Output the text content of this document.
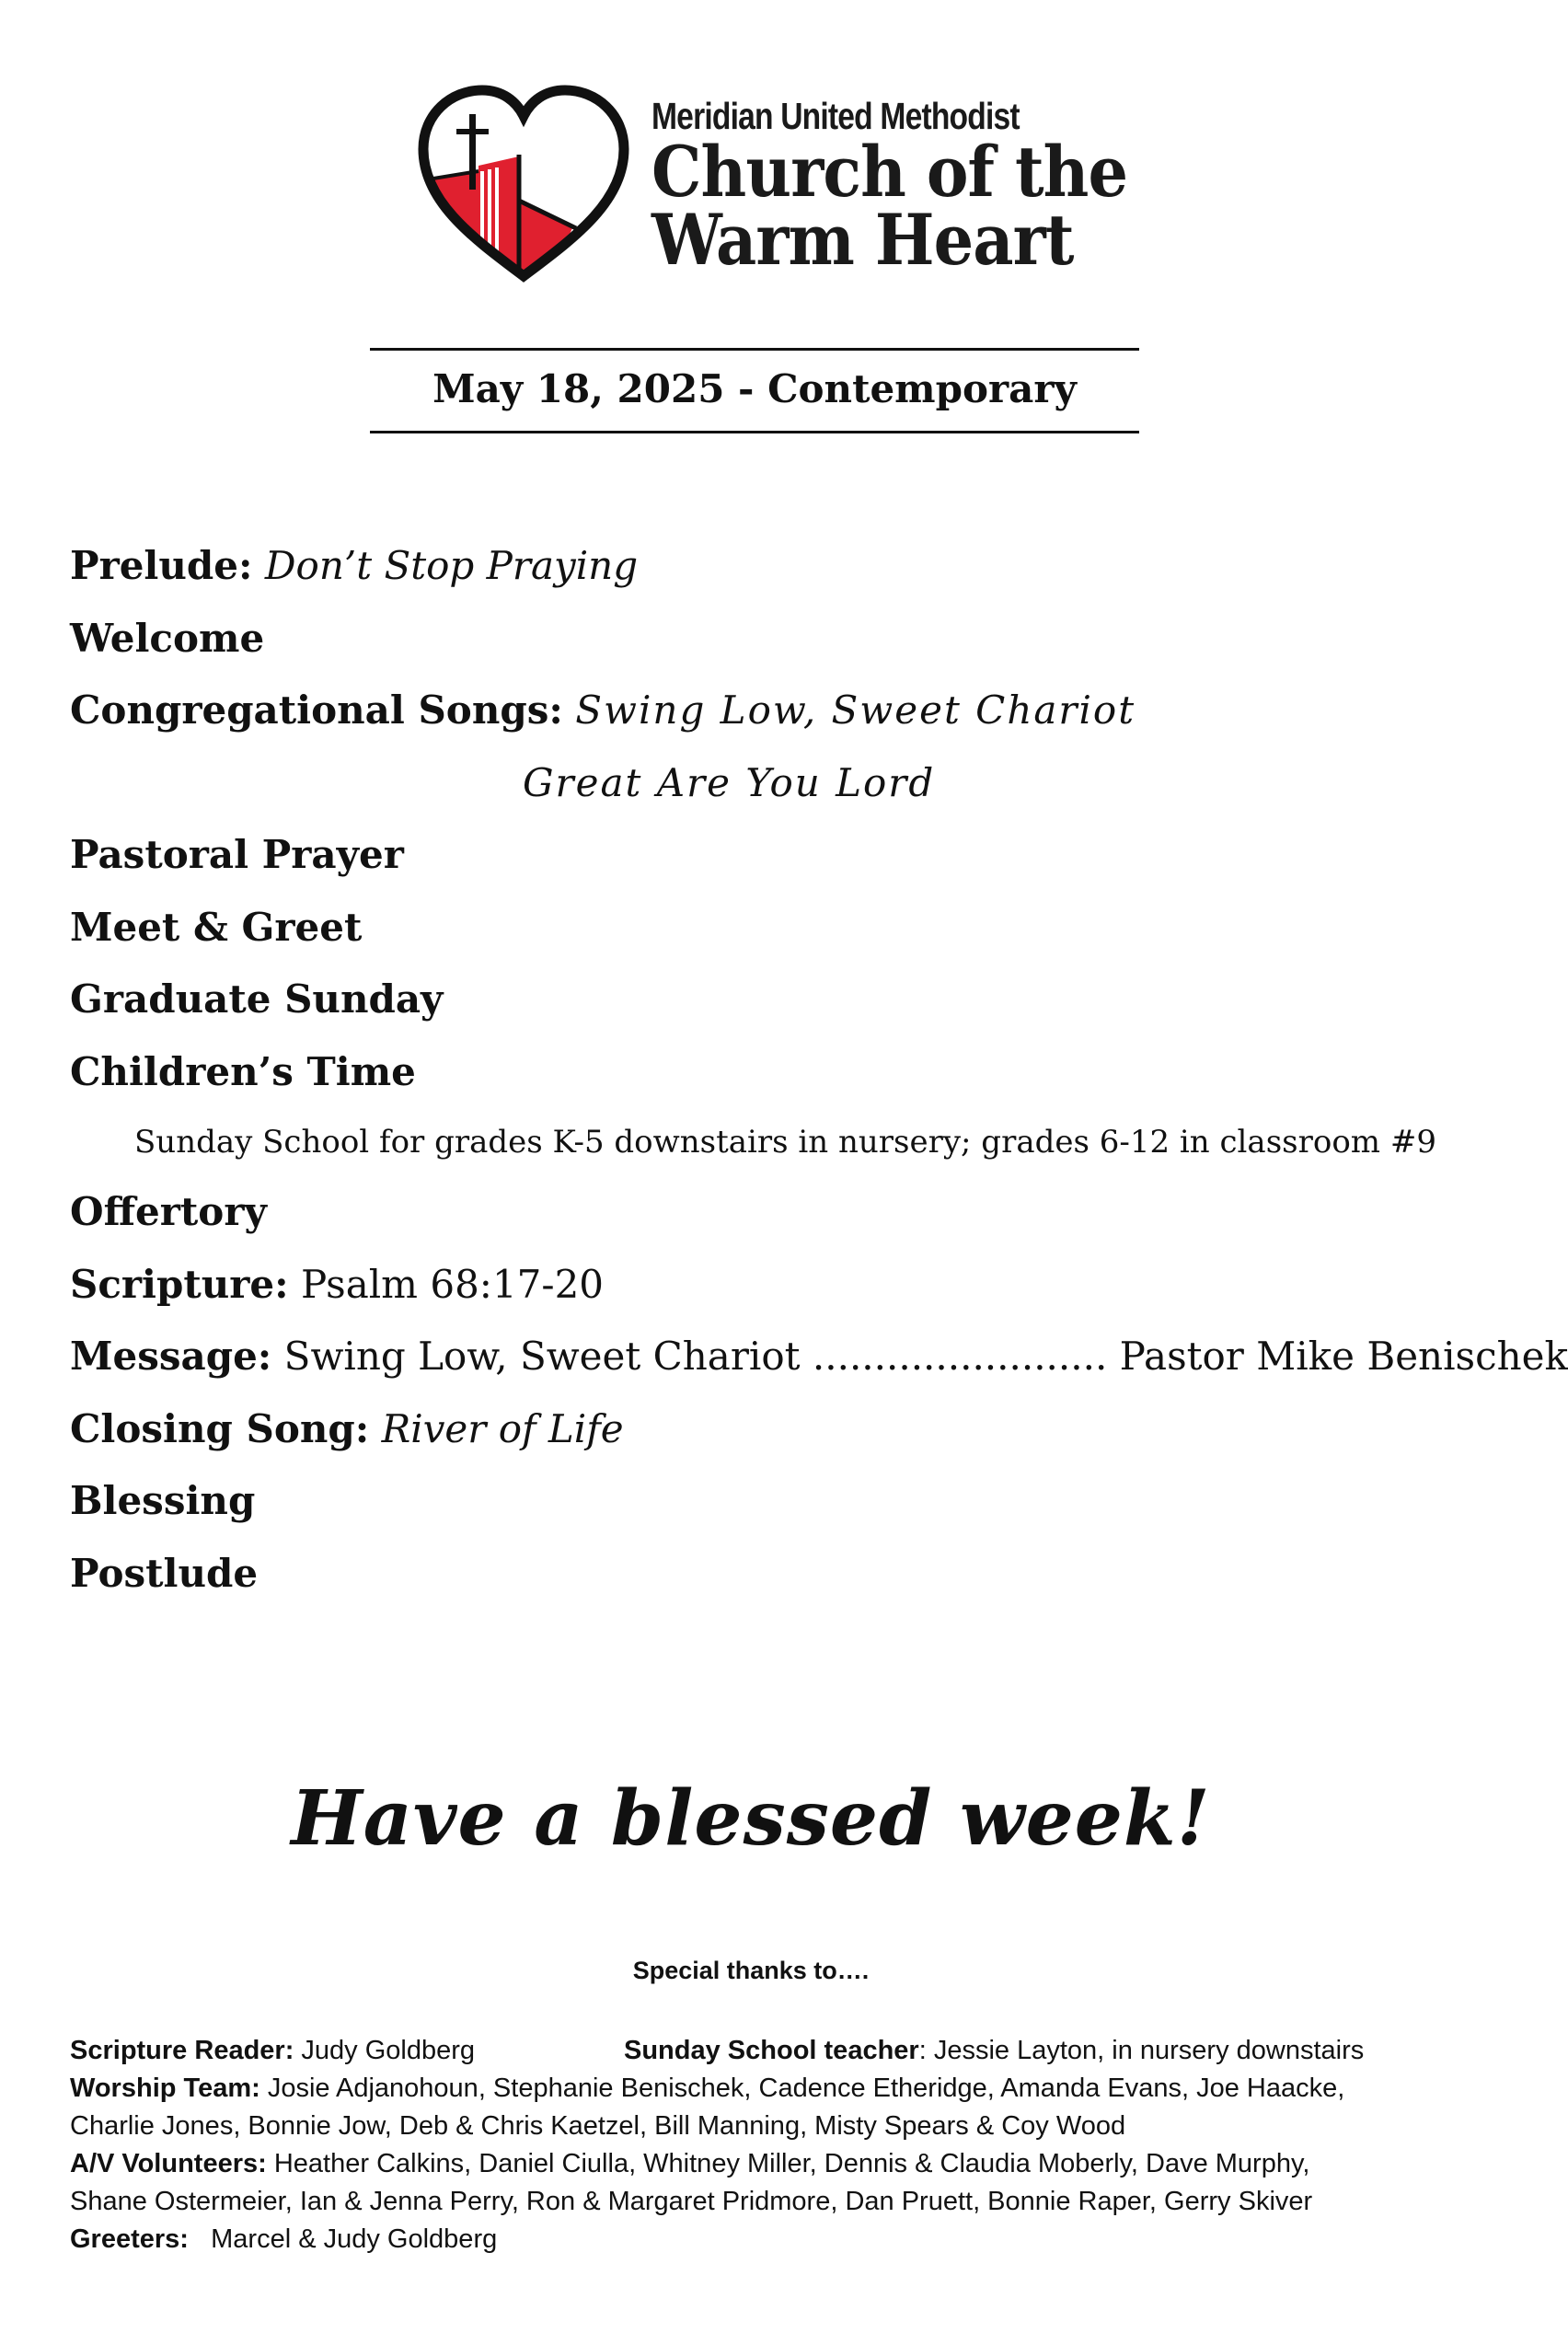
Meridian United Methodist
Church of the
Warm Heart
May 18, 2025 - Contemporary
Prelude: Don’t Stop Praying
Welcome
Congregational Songs: Swing Low, Sweet Chariot
Great Are You Lord
Pastoral Prayer
Meet & Greet
Graduate Sunday
Children’s Time
Sunday School for grades K-5 downstairs in nursery; grades 6-12 in classroom #9
Offertory
Scripture: Psalm 68:17-20
Message: Swing Low, Sweet Chariot ........................ Pastor Mike Benischek
Closing Song: River of Life
Blessing
Postlude
Have a blessed week!
Special thanks to….
Scripture Reader: Judy Goldberg	Sunday School teacher: Jessie Layton, in nursery downstairs
Worship Team: Josie Adjanohoun, Stephanie Benischek, Cadence Etheridge, Amanda Evans, Joe Haacke,
Charlie Jones, Bonnie Jow, Deb & Chris Kaetzel, Bill Manning, Misty Spears & Coy Wood
A/V Volunteers: Heather Calkins, Daniel Ciulla, Whitney Miller, Dennis & Claudia Moberly, Dave Murphy,
Shane Ostermeier, Ian & Jenna Perry, Ron & Margaret Pridmore, Dan Pruett, Bonnie Raper, Gerry Skiver
Greeters: Marcel & Judy Goldberg
